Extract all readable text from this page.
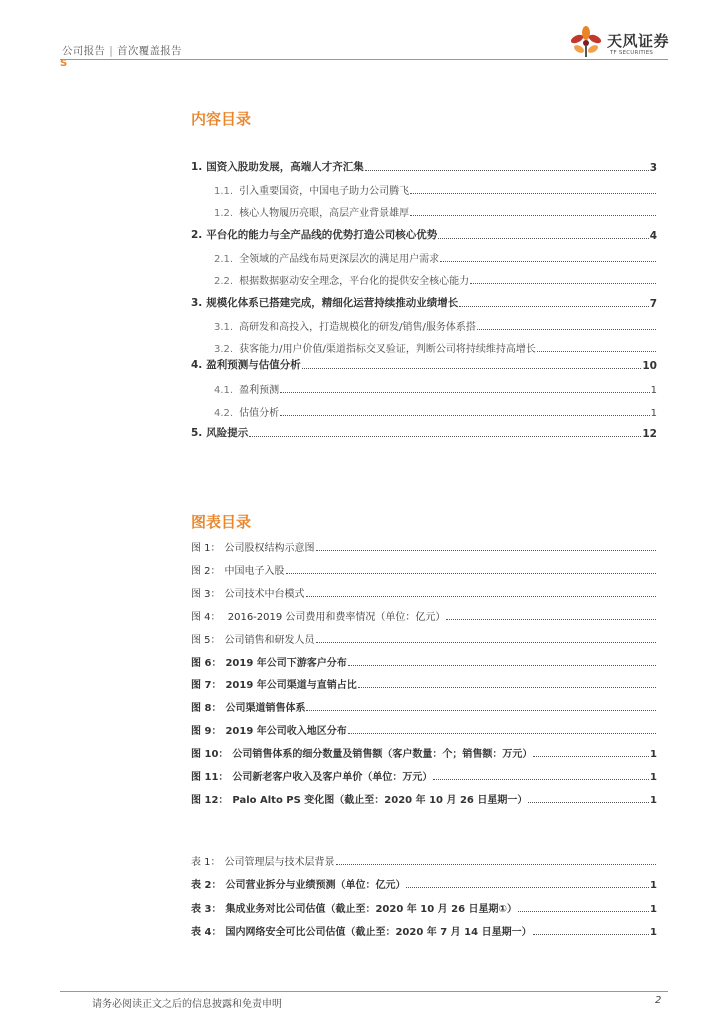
公司报告 | 首次覆盖报告
S
天风证券
TF SECURITIES
内容目录
图表目录
1. 国资入股助发展，高端人才齐汇集	3
1.1. 引入重要国资，中国电子助力公司腾飞
1.2. 核心人物履历亮眼，高层产业背景雄厚
2. 平台化的能力与全产品线的优势打造公司核心优势	4
2.1. 全领域的产品线布局更深层次的满足用户需求
2.2. 根据数据驱动安全理念，平台化的提供安全核心能力
3. 规模化体系已搭建完成，精细化运营持续推动业绩增长	7
3.1. 高研发和高投入，打造规模化的研发/销售/服务体系搭
3.2. 获客能力/用户价值/渠道指标交叉验证，判断公司将持续维持高增长
4. 盈利预测与估值分析	10
4.1. 盈利预测	1
4.2. 估值分析	1
5. 风险提示	12
图 1： 公司股权结构示意图
图 2： 中国电子入股
图 3： 公司技术中台模式
图 4： 2016-2019 公司费用和费率情况（单位：亿元）
图 5： 公司销售和研发人员
图 6： 2019 年公司下游客户分布
图 7： 2019 年公司渠道与直销占比
图 8： 公司渠道销售体系
图 9： 2019 年公司收入地区分布
图 10： 公司销售体系的细分数量及销售额（客户数量：个；销售额：万元）	1
图 11： 公司新老客户收入及客户单价（单位：万元）	1
图 12： Palo Alto PS 变化图（截止至：2020 年 10 月 26 日星期一）	1
表 1： 公司管理层与技术层背景
表 2： 公司营业拆分与业绩预测（单位：亿元）	1
表 3： 集成业务对比公司估值（截止至：2020 年 10 月 26 日星期①）	1
表 4： 国内网络安全可比公司估值（截止至：2020 年 7 月 14 日星期一）	1
请务必阅读正文之后的信息披露和免责申明	2
